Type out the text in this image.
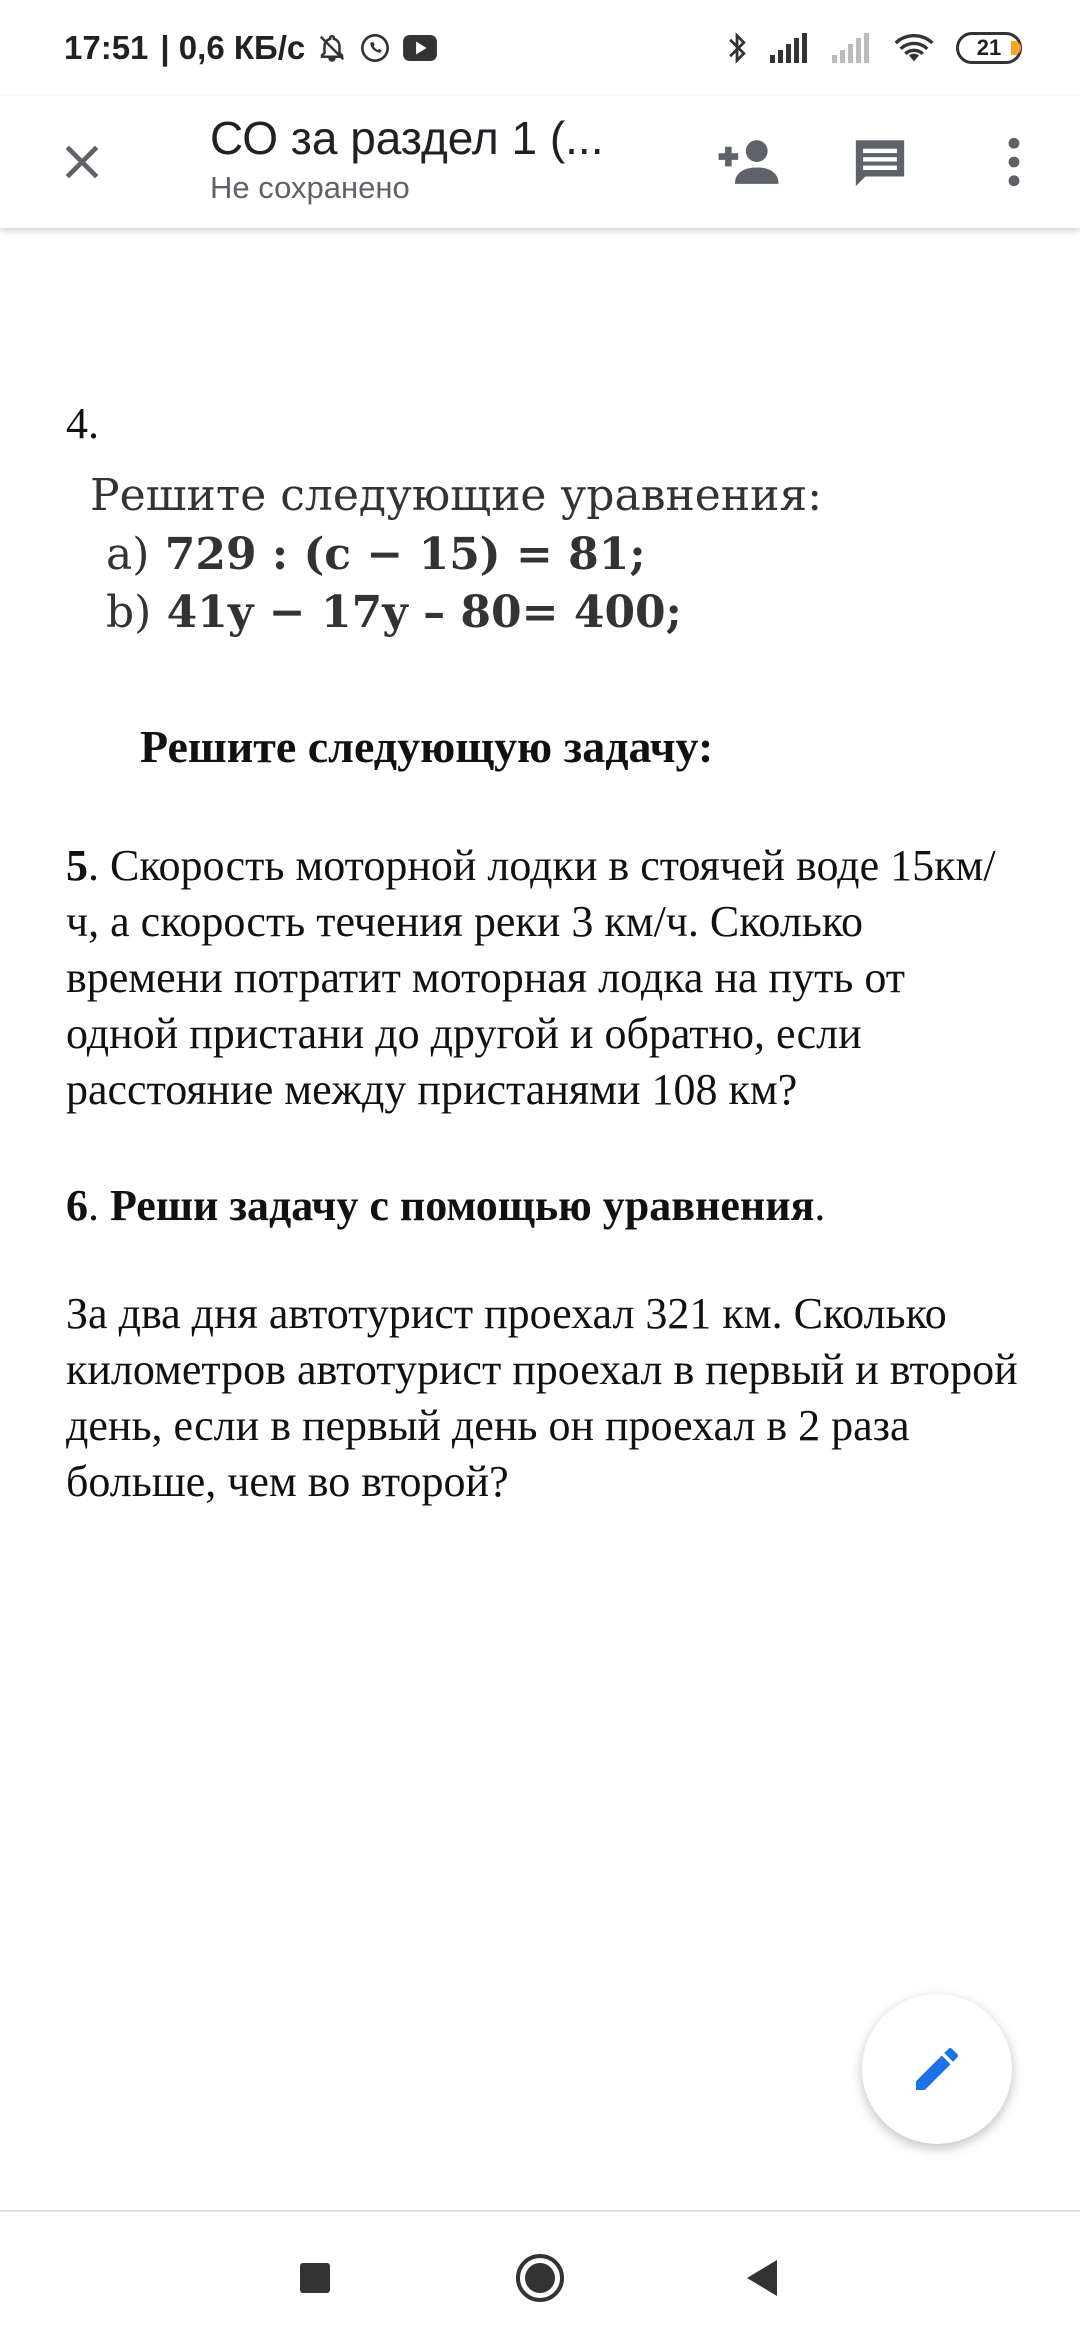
17:51 | 0,6 КБ/с	21
СО за раздел 1 (...
Не сохранено
4.
Решите следующие уравнения:
a) 729 : (c − 15) = 81;
b) 41y − 17y – 80= 400;
Решите следующую задачу:
5. Скорость моторной лодки в стоячей воде 15км/ч, а скорость течения реки 3 км/ч. Сколько времени потратит моторная лодка на путь от одной пристани до другой и обратно, если расстояние между пристанями 108 км?
6. Реши задачу с помощью уравнения.
За два дня автотурист проехал 321 км. Сколько километров автотурист проехал в первый и второй день, если в первый день он проехал в 2 раза больше, чем во второй?
